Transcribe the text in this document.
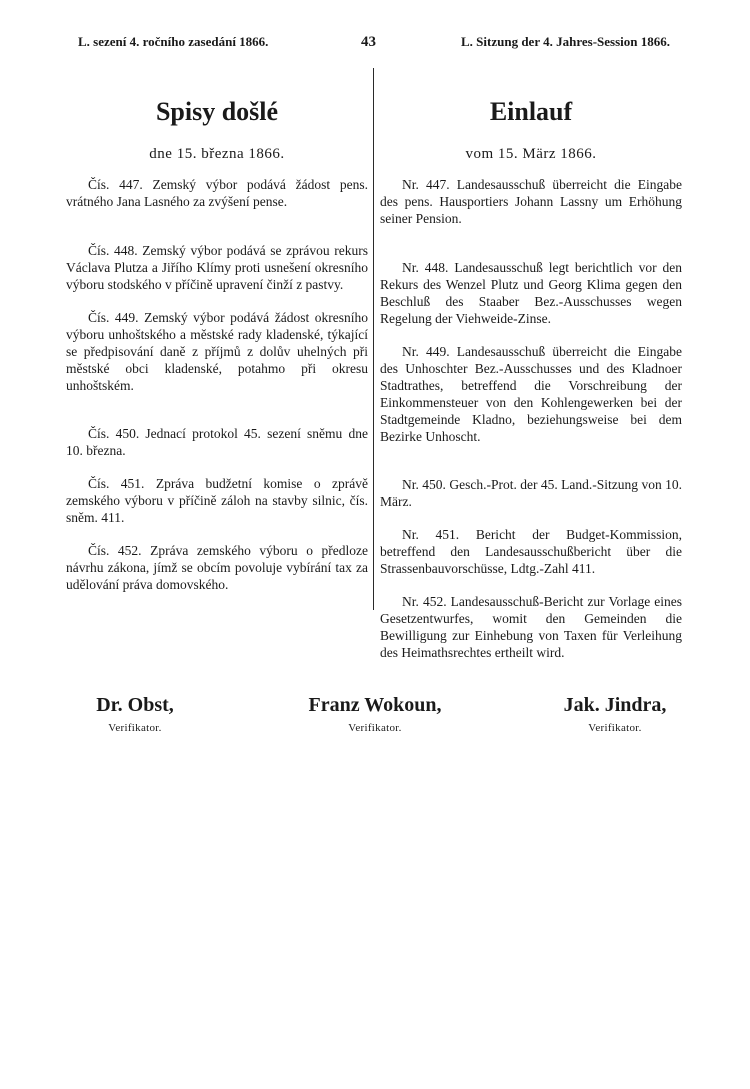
L. sezení 4. ročního zasedání 1866.	43	L. Sitzung der 4. Jahres-Session 1866.
Spisy došlé

dne 15. března 1866.

Čís. 447. Zemský výbor podává žádost pens. vrátného Jana Lasného za zvýšení pense.

Čís. 448. Zemský výbor podává se zprávou rekurs Václava Plutza a Jiřího Klímy proti usnešení okresního výboru stodského v příčině upravení činží z pastvy.

Čís. 449. Zemský výbor podává žádost okresního výboru unhoštského a městské rady kladenské, týkající se předpisování daně z příjmů z dolův uhelných při městské obci kladenské, potahmo při okresu unhoštském.

Čís. 450. Jednací protokol 45. sezení sněmu dne 10. března.

Čís. 451. Zpráva budžetní komise o zprávě zemského výboru v příčině záloh na stavby silnic, čís. sněm. 411.

Čís. 452. Zpráva zemského výboru o předloze návrhu zákona, jímž se obcím povoluje vybírání tax za udělování práva domovského.

Einlauf

vom 15. März 1866.

Nr. 447. Landesausschuß überreicht die Eingabe des pens. Hausportiers Johann Lassny um Erhöhung seiner Pension.

Nr. 448. Landesausschuß legt berichtlich vor den Rekurs des Wenzel Plutz und Georg Klima gegen den Beschluß des Staaber Bez.-Ausschusses wegen Regelung der Viehweide-Zinse.

Nr. 449. Landesausschuß überreicht die Eingabe des Unhoschter Bez.-Ausschusses und des Kladnoer Stadtrathes, betreffend die Vorschreibung der Einkommensteuer von den Kohlengewerken bei der Stadtgemeinde Kladno, beziehungsweise bei dem Bezirke Unhoscht.

Nr. 450. Gesch.-Prot. der 45. Land.-Sitzung von 10. März.

Nr. 451. Bericht der Budget-Kommission, betreffend den Landesausschußbericht über die Strassenbauvorschüsse, Ldtg.-Zahl 411.

Nr. 452. Landesausschuß-Bericht zur Vorlage eines Gesetzentwurfes, womit den Gemeinden die Bewilligung zur Einhebung von Taxen für Verleihung des Heimathsrechtes ertheilt wird.

Dr. Obst,
Verifikator.
Franz Wokoun,
Verifikator.
Jak. Jindra,
Verifikator.
